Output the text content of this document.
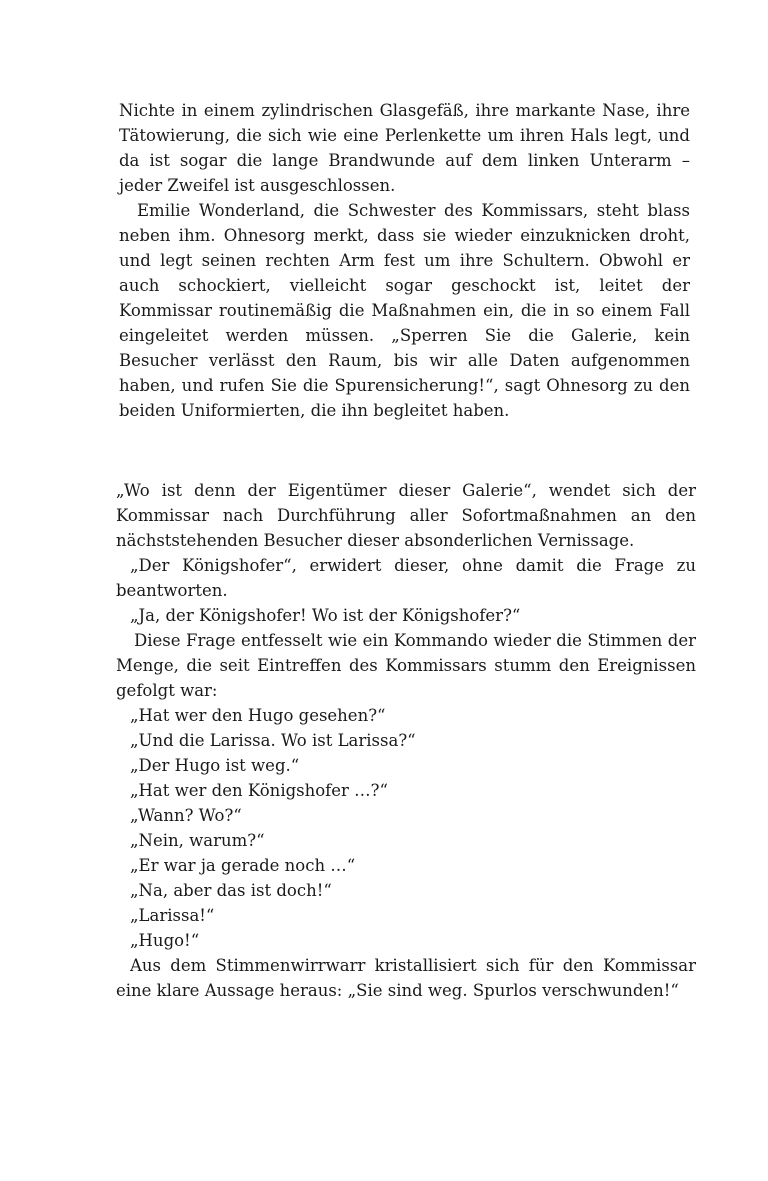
Nichte in einem zylindrischen Glasgefäß, ihre markante Nase, ihre Tätowierung, die sich wie eine Perlenkette um ihren Hals legt, und da ist sogar die lange Brandwunde auf dem linken Unterarm – jeder Zweifel ist ausgeschlossen.

Emilie Wonderland, die Schwester des Kommissars, steht blass neben ihm. Ohnesorg merkt, dass sie wieder einzuknicken droht, und legt seinen rechten Arm fest um ihre Schultern. Obwohl er auch schockiert, vielleicht sogar geschockt ist, leitet der Kommissar routinemäßig die Maßnahmen ein, die in so einem Fall eingeleitet werden müssen. „Sperren Sie die Galerie, kein Besucher verlässt den Raum, bis wir alle Daten aufgenommen haben, und rufen Sie die Spurensicherung!“, sagt Ohnesorg zu den beiden Uniformierten, die ihn begleitet haben.

„Wo ist denn der Eigentümer dieser Galerie“, wendet sich der Kommissar nach Durchführung aller Sofortmaßnahmen an den nächststehenden Besucher dieser absonderlichen Vernissage.

„Der Königshofer“, erwidert dieser, ohne damit die Frage zu beantworten.

„Ja, der Königshofer! Wo ist der Königshofer?“

Diese Frage entfesselt wie ein Kommando wieder die Stimmen der Menge, die seit Eintreffen des Kommissars stumm den Ereignissen gefolgt war:

„Hat wer den Hugo gesehen?“

„Und die Larissa. Wo ist Larissa?“

„Der Hugo ist weg.“

„Hat wer den Königshofer …?“

„Wann? Wo?“

„Nein, warum?“

„Er war ja gerade noch …“

„Na, aber das ist doch!“

„Larissa!“

„Hugo!“

Aus dem Stimmenwirrwarr kristallisiert sich für den Kommissar eine klare Aussage heraus: „Sie sind weg. Spurlos verschwunden!“
